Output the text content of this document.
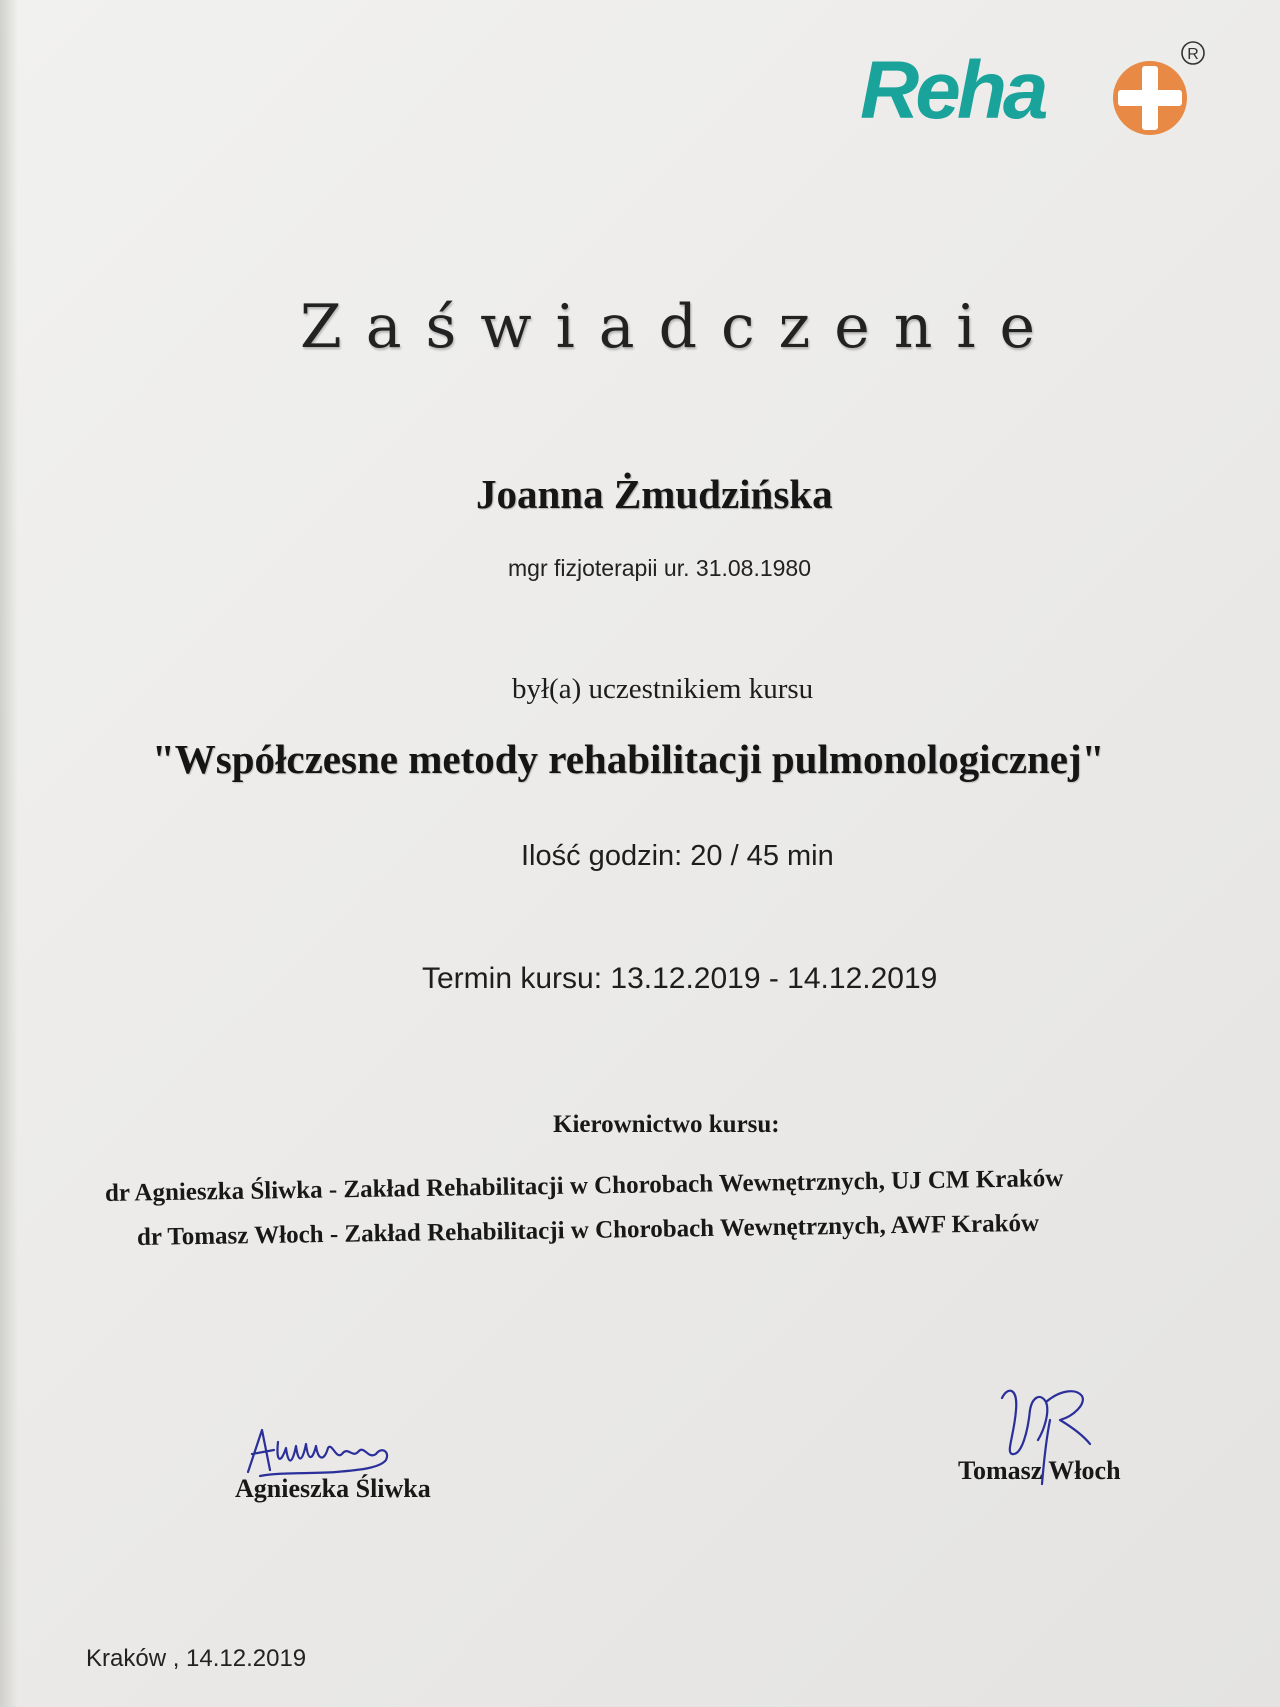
Reha	R
Zaświadczenie
Joanna Żmudzińska
mgr fizjoterapii ur. 31.08.1980
był(a) uczestnikiem kursu
"Współczesne metody rehabilitacji pulmonologicznej"
Ilość godzin: 20 / 45 min
Termin kursu: 13.12.2019 - 14.12.2019
Kierownictwo kursu:
dr Agnieszka Śliwka - Zakład Rehabilitacji w Chorobach Wewnętrznych, UJ CM Kraków
dr Tomasz Włoch - Zakład Rehabilitacji w Chorobach Wewnętrznych, AWF Kraków
Agnieszka Śliwka
Tomasz Włoch
Kraków , 14.12.2019
